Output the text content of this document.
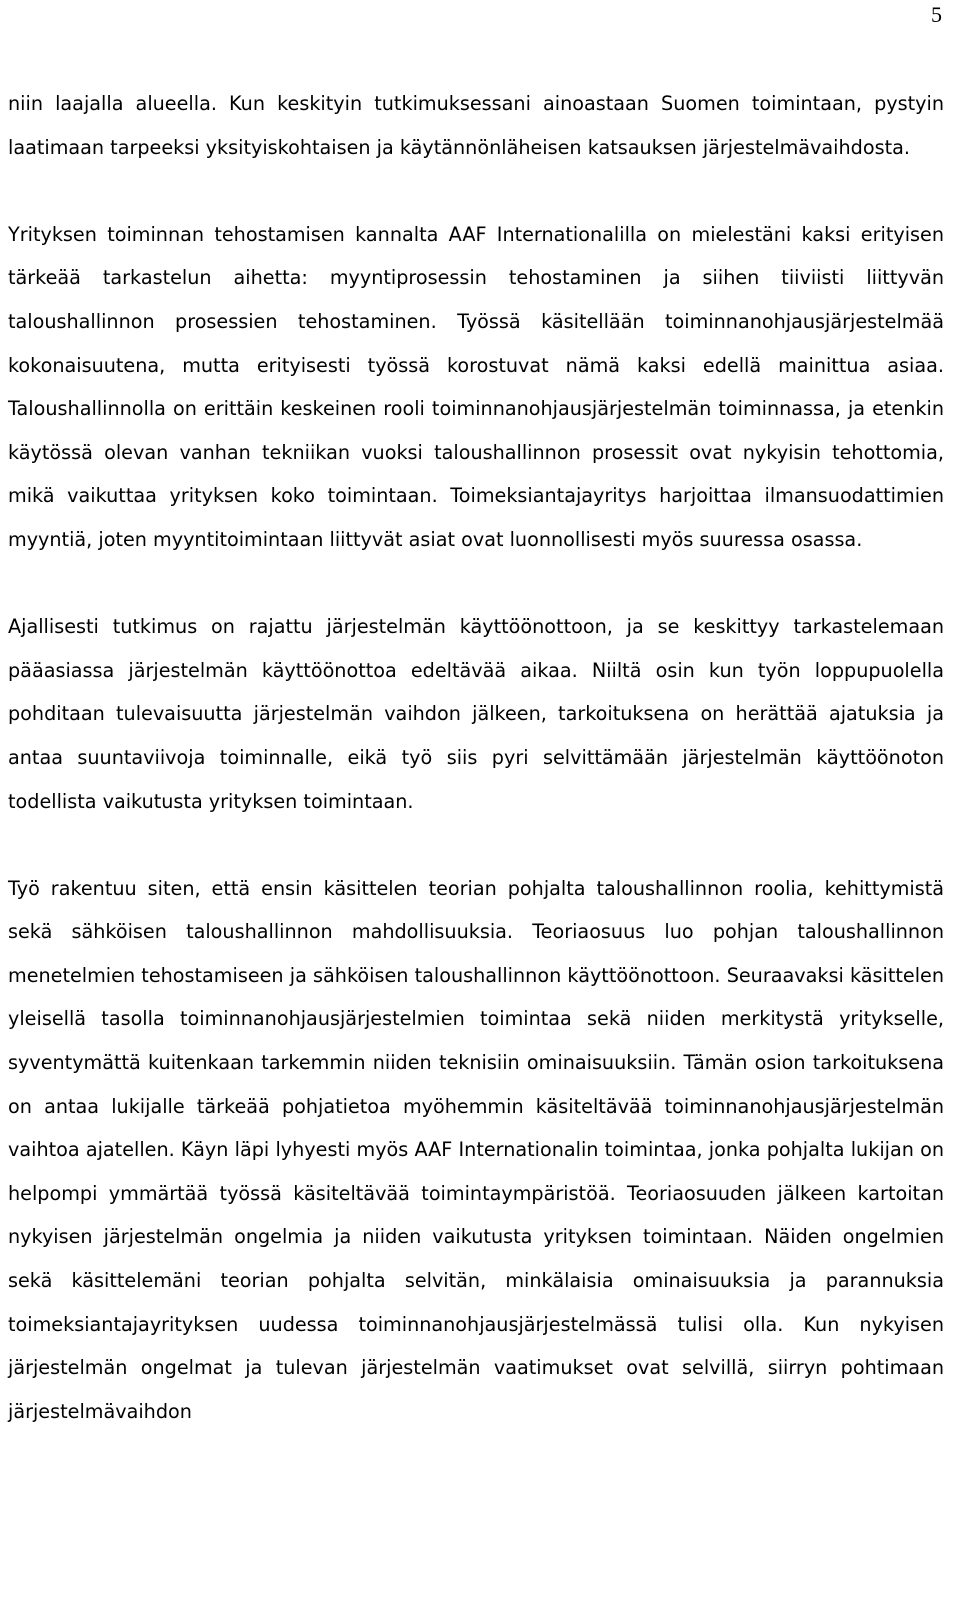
5

niin laajalla alueella. Kun keskityin tutkimuksessani ainoastaan Suomen toimintaan, pystyin laatimaan tarpeeksi yksityiskohtaisen ja käytännönläheisen katsauksen järjestelmävaihdosta.

Yrityksen toiminnan tehostamisen kannalta AAF Internationalilla on mielestäni kaksi erityisen tärkeää tarkastelun aihetta: myyntiprosessin tehostaminen ja siihen tiiviisti liittyvän taloushallinnon prosessien tehostaminen. Työssä käsitellään toiminnanohjausjärjestelmää kokonaisuutena, mutta erityisesti työssä korostuvat nämä kaksi edellä mainittua asiaa. Taloushallinnolla on erittäin keskeinen rooli toiminnanohjausjärjestelmän toiminnassa, ja etenkin käytössä olevan vanhan tekniikan vuoksi taloushallinnon prosessit ovat nykyisin tehottomia, mikä vaikuttaa yrityksen koko toimintaan. Toimeksiantajayritys harjoittaa ilmansuodattimien myyntiä, joten myyntitoimintaan liittyvät asiat ovat luonnollisesti myös suuressa osassa.

Ajallisesti tutkimus on rajattu järjestelmän käyttöönottoon, ja se keskittyy tarkastelemaan pääasiassa järjestelmän käyttöönottoa edeltävää aikaa. Niiltä osin kun työn loppupuolella pohditaan tulevaisuutta järjestelmän vaihdon jälkeen, tarkoituksena on herättää ajatuksia ja antaa suuntaviivoja toiminnalle, eikä työ siis pyri selvittämään järjestelmän käyttöönoton todellista vaikutusta yrityksen toimintaan.

Työ rakentuu siten, että ensin käsittelen teorian pohjalta taloushallinnon roolia, kehittymistä sekä sähköisen taloushallinnon mahdollisuuksia. Teoriaosuus luo pohjan taloushallinnon menetelmien tehostamiseen ja sähköisen taloushallinnon käyttöönottoon. Seuraavaksi käsittelen yleisellä tasolla toiminnanohjausjärjestelmien toimintaa sekä niiden merkitystä yritykselle, syventymättä kuitenkaan tarkemmin niiden teknisiin ominaisuuksiin. Tämän osion tarkoituksena on antaa lukijalle tärkeää pohjatietoa myöhemmin käsiteltävää toiminnanohjausjärjestelmän vaihtoa ajatellen. Käyn läpi lyhyesti myös AAF Internationalin toimintaa, jonka pohjalta lukijan on helpompi ymmärtää työssä käsiteltävää toimintaympäristöä. Teoriaosuuden jälkeen kartoitan nykyisen järjestelmän ongelmia ja niiden vaikutusta yrityksen toimintaan. Näiden ongelmien sekä käsittelemäni teorian pohjalta selvitän, minkälaisia ominaisuuksia ja parannuksia toimeksiantajayrityksen uudessa toiminnanohjausjärjestelmässä tulisi olla. Kun nykyisen järjestelmän ongelmat ja tulevan järjestelmän vaatimukset ovat selvillä, siirryn pohtimaan järjestelmävaihdon
